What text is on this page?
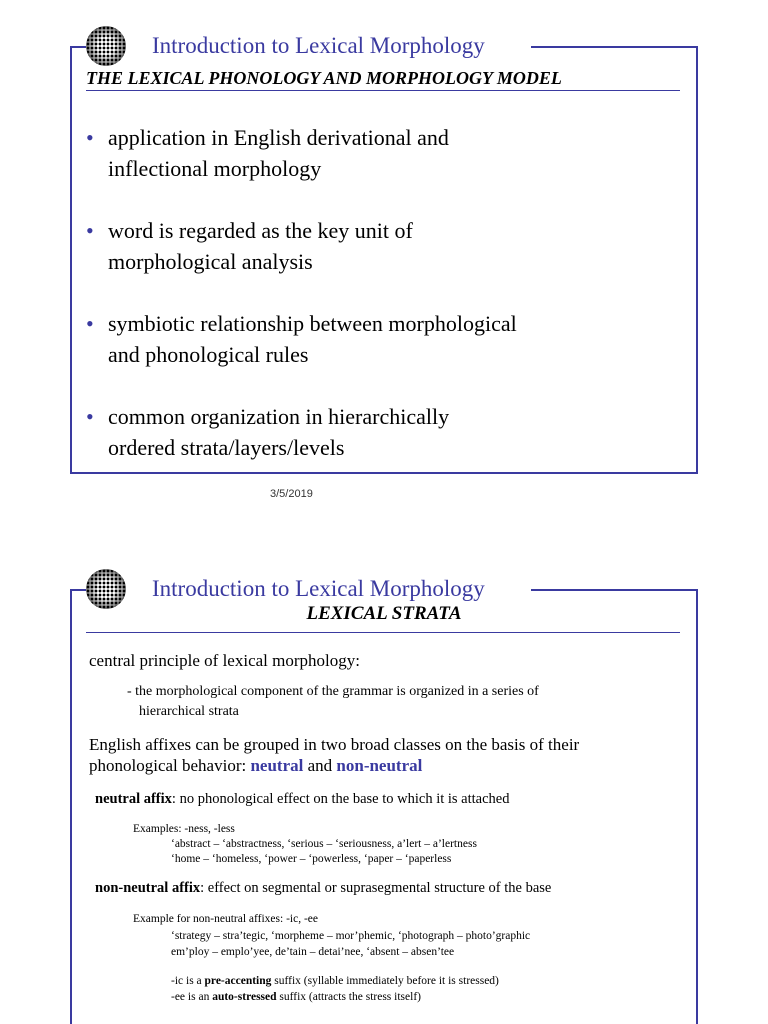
Introduction to Lexical Morphology
THE LEXICAL PHONOLOGY AND MORPHOLOGY MODEL
• application in English derivational and
inflectional morphology
• word is regarded as the key unit of
morphological analysis
• symbiotic relationship between morphological
and phonological rules
• common organization in hierarchically
ordered strata/layers/levels
3/5/2019
Introduction to Lexical Morphology
LEXICAL STRATA
central principle of lexical morphology:
- the morphological component of the grammar is organized in a series of
hierarchical strata
English affixes can be grouped in two broad classes on the basis of their
phonological behavior: neutral and non-neutral
neutral affix: no phonological effect on the base to which it is attached
Examples: -ness, -less
‘abstract – ‘abstractness, ‘serious – ‘seriousness, a’lert – a’lertness
‘home – ‘homeless, ‘power – ‘powerless, ‘paper – ‘paperless
non-neutral affix: effect on segmental or suprasegmental structure of the base
Example for non-neutral affixes: -ic, -ee
‘strategy – stra’tegic, ‘morpheme – mor’phemic, ‘photograph – photo’graphic
em’ploy – emplo’yee, de’tain – detai’nee, ‘absent – absen’tee
-ic is a pre-accenting suffix (syllable immediately before it is stressed)
-ee is an auto-stressed suffix (attracts the stress itself)
